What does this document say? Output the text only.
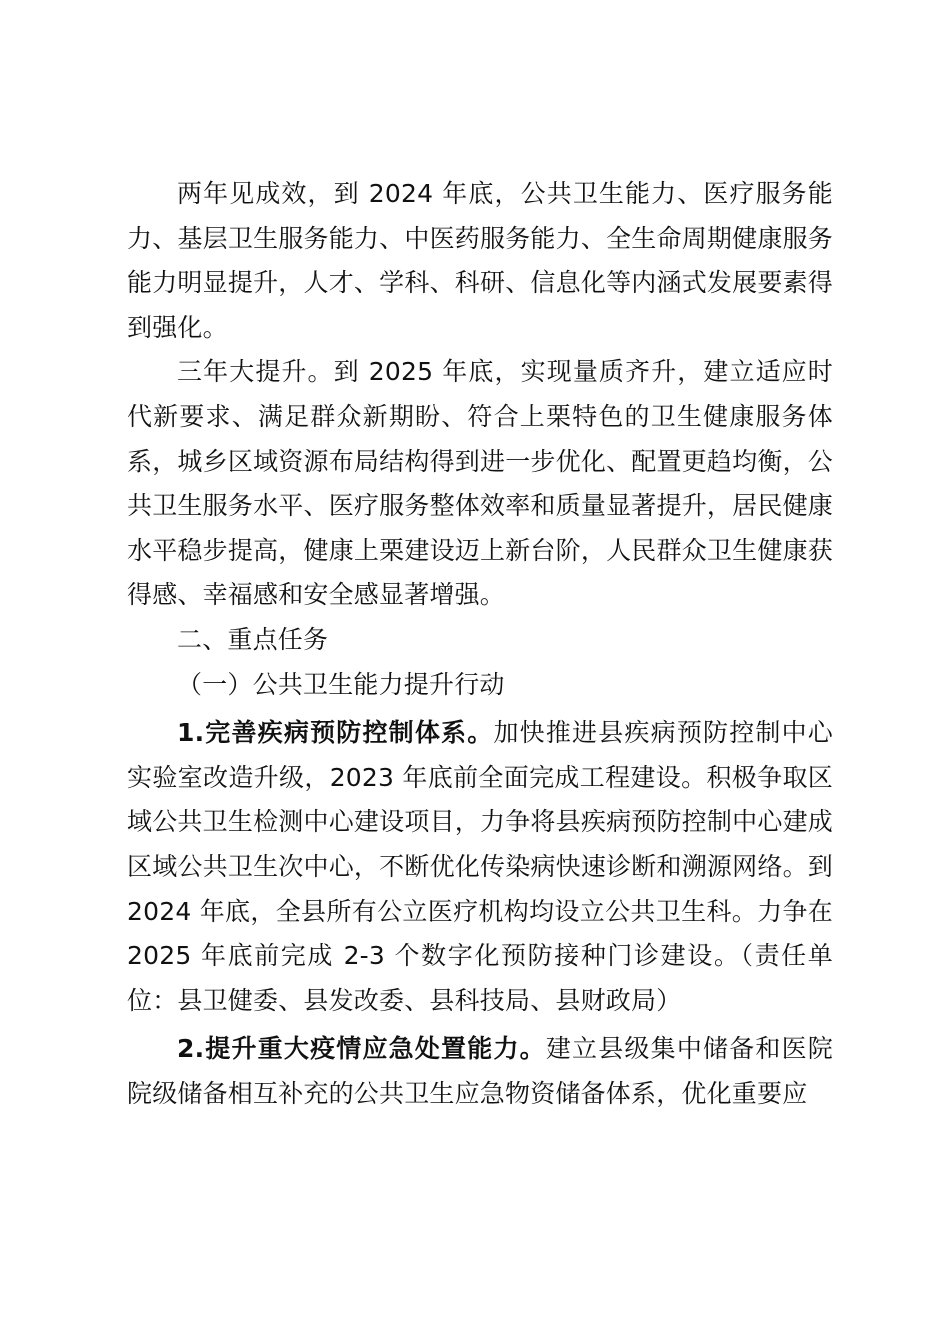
两年见成效，到 2024 年底，公共卫生能力、医疗服务能力、基层卫生服务能力、中医药服务能力、全生命周期健康服务能力明显提升，人才、学科、科研、信息化等内涵式发展要素得到强化。

三年大提升。到 2025 年底，实现量质齐升，建立适应时代新要求、满足群众新期盼、符合上栗特色的卫生健康服务体系，城乡区域资源布局结构得到进一步优化、配置更趋均衡，公共卫生服务水平、医疗服务整体效率和质量显著提升，居民健康水平稳步提高，健康上栗建设迈上新台阶，人民群众卫生健康获得感、幸福感和安全感显著增强。

二、重点任务

（一）公共卫生能力提升行动

1.完善疾病预防控制体系。加快推进县疾病预防控制中心实验室改造升级，2023 年底前全面完成工程建设。积极争取区域公共卫生检测中心建设项目，力争将县疾病预防控制中心建成区域公共卫生次中心，不断优化传染病快速诊断和溯源网络。到 2024 年底，全县所有公立医疗机构均设立公共卫生科。力争在 2025 年底前完成 2-3 个数字化预防接种门诊建设。（责任单位：县卫健委、县发改委、县科技局、县财政局）

2.提升重大疫情应急处置能力。建立县级集中储备和医院院级储备相互补充的公共卫生应急物资储备体系，优化重要应
